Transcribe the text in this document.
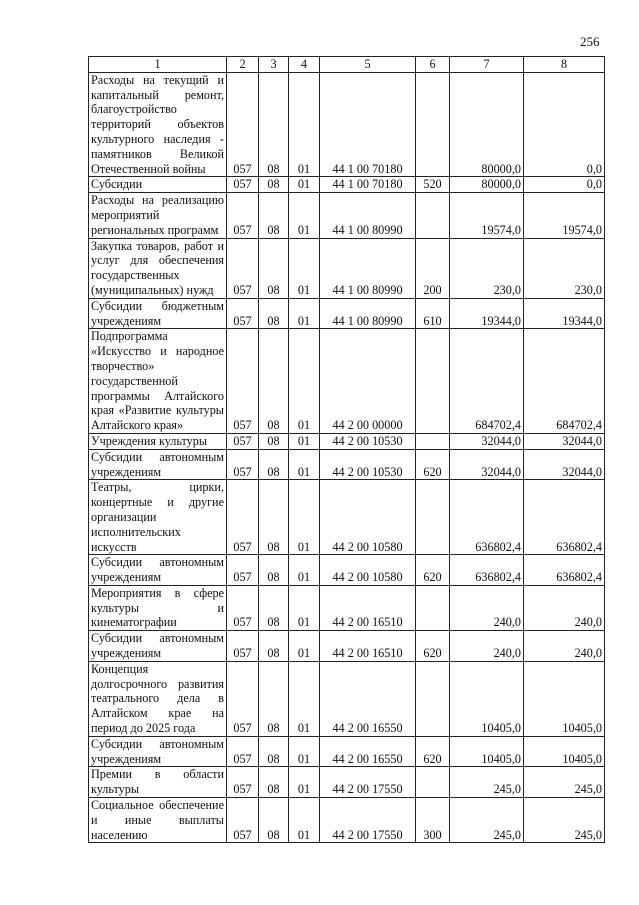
256
1	2	3	4	5	6	7	8
Расходы на текущий и капитальный ремонт, благоустройство территорий объектов культурного наследия - памятников Великой Отечественной войны	057	08	01	44 1 00 70180		80000,0	0,0
Субсидии	057	08	01	44 1 00 70180	520	80000,0	0,0
Расходы на реализацию мероприятий региональных программ	057	08	01	44 1 00 80990		19574,0	19574,0
Закупка товаров, работ и услуг для обеспечения государственных (муниципальных) нужд	057	08	01	44 1 00 80990	200	230,0	230,0
Субсидии бюджетным учреждениям	057	08	01	44 1 00 80990	610	19344,0	19344,0
Подпрограмма «Искусство и народное творчество» государственной программы Алтайского края «Развитие культуры Алтайского края»	057	08	01	44 2 00 00000		684702,4	684702,4
Учреждения культуры	057	08	01	44 2 00 10530		32044,0	32044,0
Субсидии автономным учреждениям	057	08	01	44 2 00 10530	620	32044,0	32044,0
Театры, цирки, концертные и другие организации исполнительских искусств	057	08	01	44 2 00 10580		636802,4	636802,4
Субсидии автономным учреждениям	057	08	01	44 2 00 10580	620	636802,4	636802,4
Мероприятия в сфере культуры и кинематографии	057	08	01	44 2 00 16510		240,0	240,0
Субсидии автономным учреждениям	057	08	01	44 2 00 16510	620	240,0	240,0
Концепция долгосрочного развития театрального дела в Алтайском крае на период до 2025 года	057	08	01	44 2 00 16550		10405,0	10405,0
Субсидии автономным учреждениям	057	08	01	44 2 00 16550	620	10405,0	10405,0
Премии в области культуры	057	08	01	44 2 00 17550		245,0	245,0
Социальное обеспечение и иные выплаты населению	057	08	01	44 2 00 17550	300	245,0	245,0
